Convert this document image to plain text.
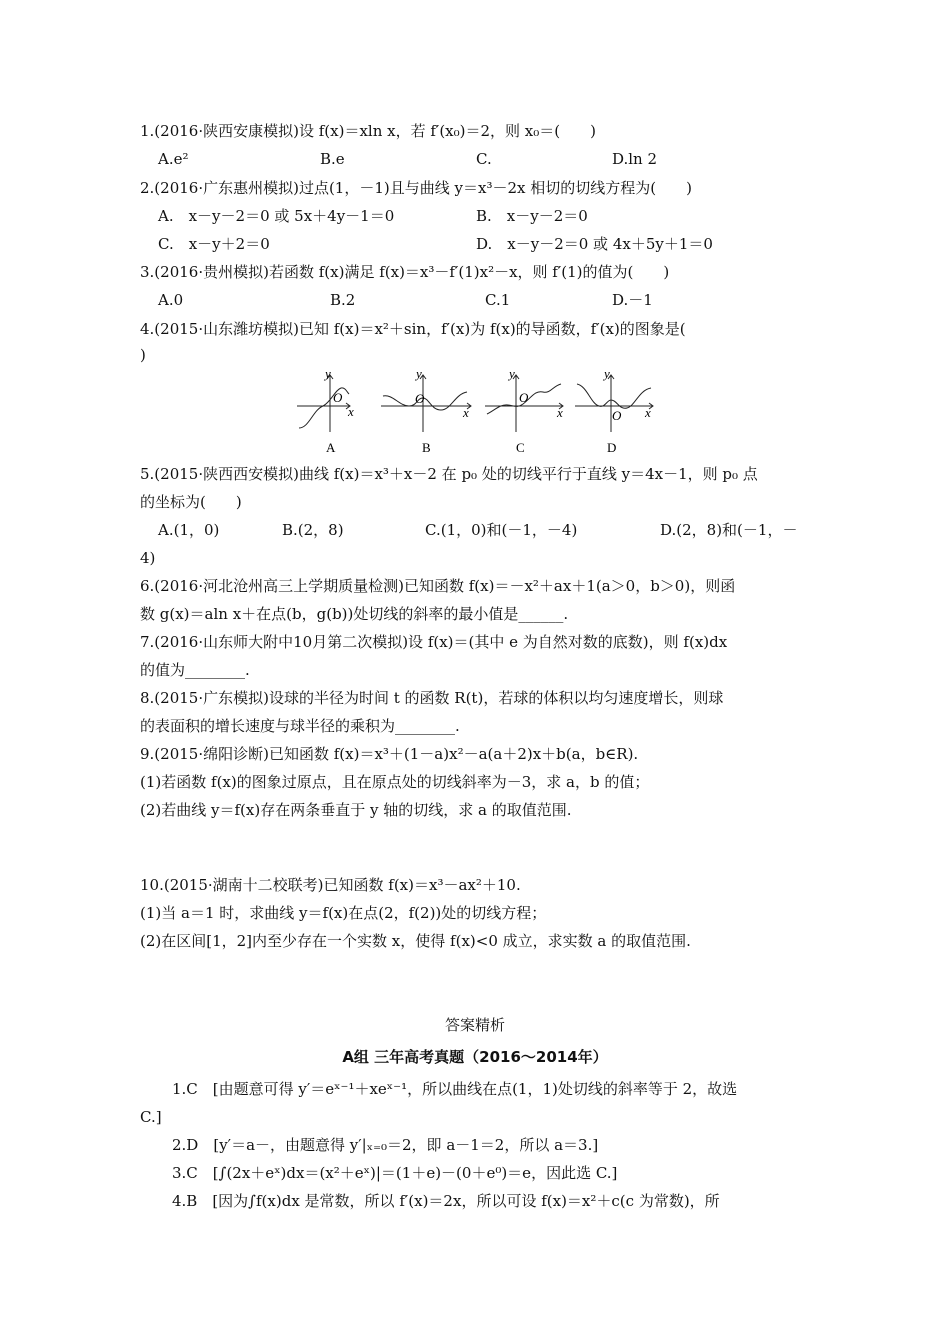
1.(2016·陕西安康模拟)设 f(x)＝xln x，若 f′(x₀)＝2，则 x₀＝(　　)
A.e²	B.e	C.	D.ln 2
2.(2016·广东惠州模拟)过点(1，－1)且与曲线 y＝x³－2x 相切的切线方程为(　　)
A.　x－y－2＝0 或 5x＋4y－1＝0	B.　x－y－2＝0
C.　x－y＋2＝0	D.　x－y－2＝0 或 4x＋5y＋1＝0
3.(2016·贵州模拟)若函数 f(x)满足 f(x)＝x³－f′(1)x²－x，则 f′(1)的值为(　　)
A.0	B.2	C.1	D.－1
4.(2015·山东潍坊模拟)已知 f(x)＝x²＋sin，f′(x)为 f(x)的导函数，f′(x)的图象是(
)
y
O
x
A
y
O
x
B
y
O
x
C
y
O x
D
5.(2015·陕西西安模拟)曲线 f(x)＝x³＋x－2 在 p₀ 处的切线平行于直线 y＝4x－1，则 p₀ 点
的坐标为(　　)
A.(1，0)	B.(2，8)	C.(1，0)和(－1，－4)	D.(2，8)和(－1，－
4)
6.(2016·河北沧州高三上学期质量检测)已知函数 f(x)＝－x²＋ax＋1(a＞0，b＞0)，则函
数 g(x)＝aln x＋在点(b，g(b))处切线的斜率的最小值是______.
7.(2016·山东师大附中10月第二次模拟)设 f(x)＝(其中 e 为自然对数的底数)，则 f(x)dx
的值为________.
8.(2015·广东模拟)设球的半径为时间 t 的函数 R(t)，若球的体积以均匀速度增长，则球
的表面积的增长速度与球半径的乘积为________.
9.(2015·绵阳诊断)已知函数 f(x)＝x³＋(1－a)x²－a(a＋2)x＋b(a，b∈R).
(1)若函数 f(x)的图象过原点，且在原点处的切线斜率为－3，求 a，b 的值；
(2)若曲线 y＝f(x)存在两条垂直于 y 轴的切线，求 a 的取值范围.
10.(2015·湖南十二校联考)已知函数 f(x)＝x³－ax²＋10.
(1)当 a＝1 时，求曲线 y＝f(x)在点(2，f(2))处的切线方程；
(2)在区间[1，2]内至少存在一个实数 x，使得 f(x)<0 成立，求实数 a 的取值范围.
答案精析
A组 三年高考真题（2016～2014年）
1.C　[由题意可得 y′＝eˣ⁻¹＋xeˣ⁻¹，所以曲线在点(1，1)处切线的斜率等于 2，故选
C.]
2.D　[y′＝a－，由题意得 y′|ₓ₌₀＝2，即 a－1＝2，所以 a＝3.]
3.C　[∫(2x＋eˣ)dx＝(x²＋eˣ)|＝(1＋e)－(0＋e⁰)＝e，因此选 C.]
4.B　[因为∫f(x)dx 是常数，所以 f′(x)＝2x，所以可设 f(x)＝x²＋c(c 为常数)，所
